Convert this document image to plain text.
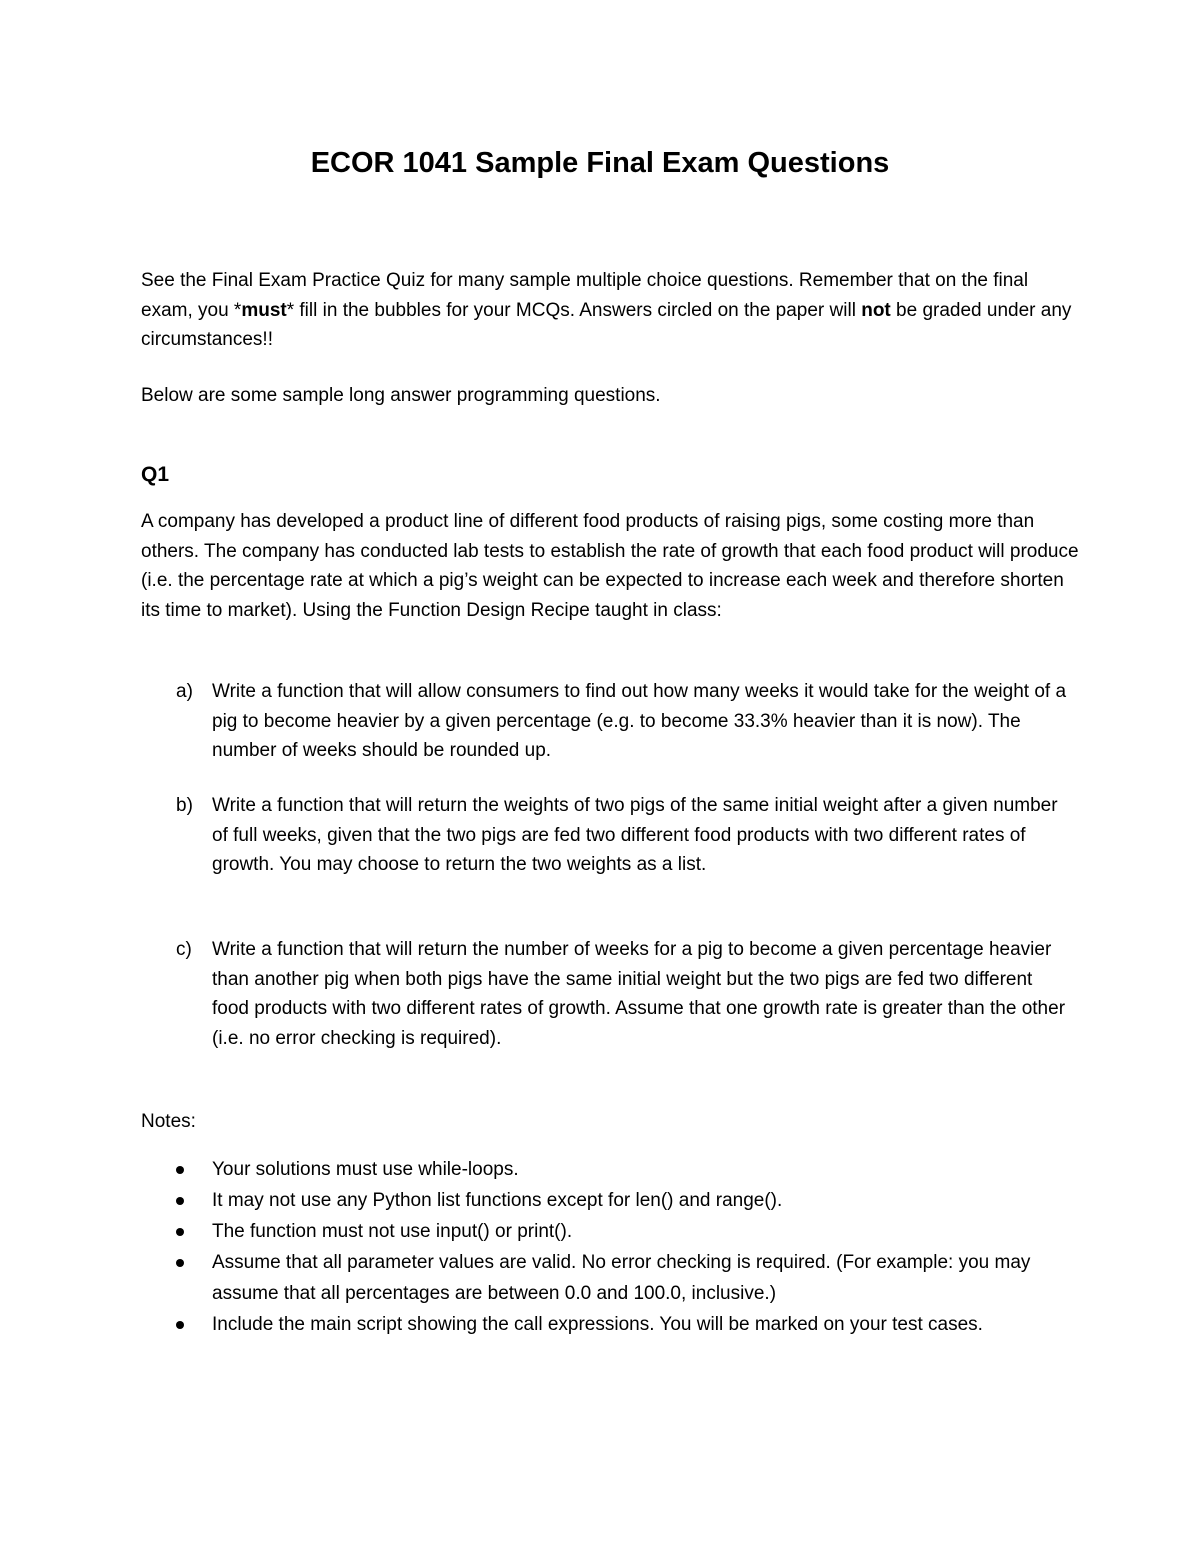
ECOR 1041 Sample Final Exam Questions

See the Final Exam Practice Quiz for many sample multiple choice questions. Remember that on the final exam, you *must* fill in the bubbles for your MCQs. Answers circled on the paper will not be graded under any circumstances!!

Below are some sample long answer programming questions.

Q1

A company has developed a product line of different food products of raising pigs, some costing more than others. The company has conducted lab tests to establish the rate of growth that each food product will produce (i.e. the percentage rate at which a pig’s weight can be expected to increase each week and therefore shorten its time to market). Using the Function Design Recipe taught in class:

a) Write a function that will allow consumers to find out how many weeks it would take for the weight of a pig to become heavier by a given percentage (e.g. to become 33.3% heavier than it is now). The number of weeks should be rounded up.
b) Write a function that will return the weights of two pigs of the same initial weight after a given number of full weeks, given that the two pigs are fed two different food products with two different rates of growth. You may choose to return the two weights as a list.
c) Write a function that will return the number of weeks for a pig to become a given percentage heavier than another pig when both pigs have the same initial weight but the two pigs are fed two different food products with two different rates of growth. Assume that one growth rate is greater than the other (i.e. no error checking is required).

Notes:

Your solutions must use while-loops.
It may not use any Python list functions except for len() and range().
The function must not use input() or print().
Assume that all parameter values are valid. No error checking is required. (For example: you may assume that all percentages are between 0.0 and 100.0, inclusive.)
Include the main script showing the call expressions. You will be marked on your test cases.
